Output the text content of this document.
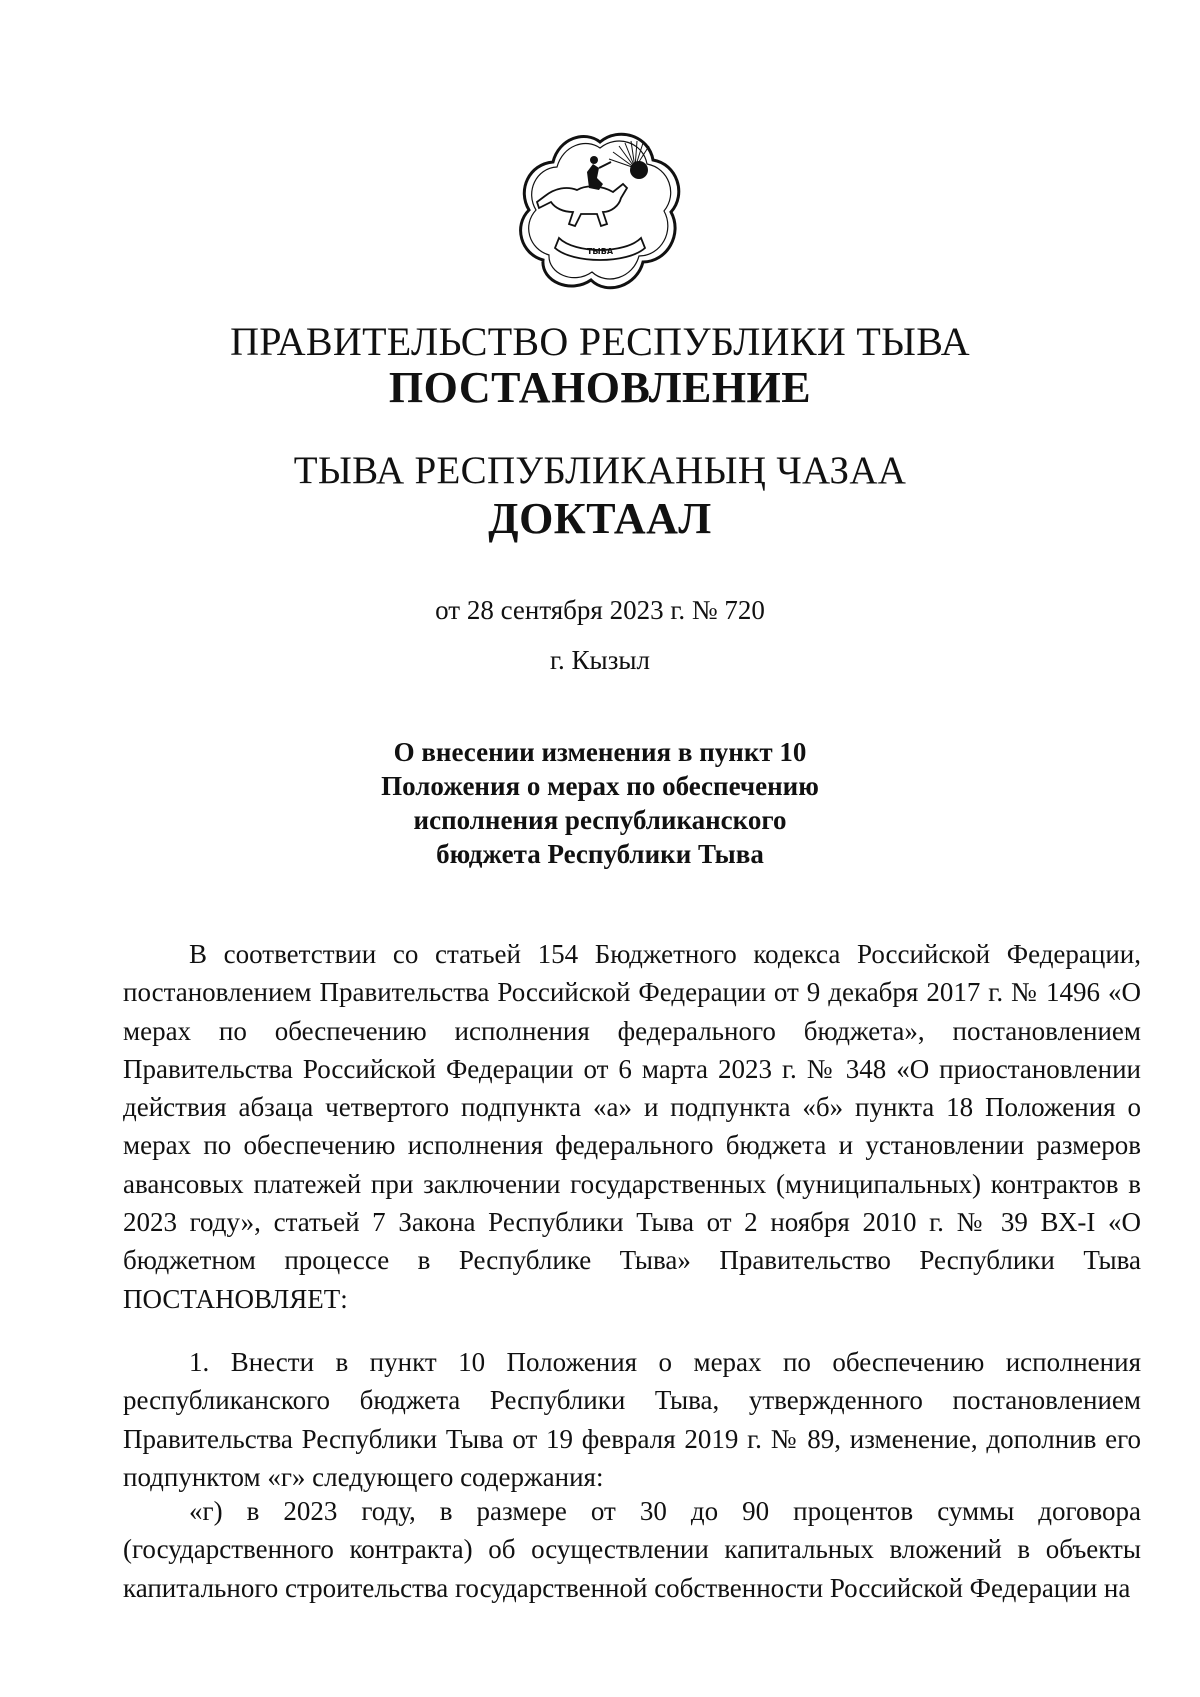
ТЫВА
ПРАВИТЕЛЬСТВО РЕСПУБЛИКИ ТЫВА
ПОСТАНОВЛЕНИЕ
ТЫВА РЕСПУБЛИКАНЫҢ ЧАЗАА
ДОКТААЛ
от 28 сентября 2023 г. № 720
г. Кызыл
О внесении изменения в пункт 10
Положения о мерах по обеспечению
исполнения республиканского
бюджета Республики Тыва
В соответствии со статьей 154 Бюджетного кодекса Российской Федерации, постановлением Правительства Российской Федерации от 9 декабря 2017 г. № 1496 «О мерах по обеспечению исполнения федерального бюджета», постановлением Правительства Российской Федерации от 6 марта 2023 г. № 348 «О приостановлении действия абзаца четвертого подпункта «а» и подпункта «б» пункта 18 Положения о мерах по обеспечению исполнения федерального бюджета и установлении размеров авансовых платежей при заключении государственных (муниципальных) контрактов в 2023 году», статьей 7 Закона Республики Тыва от 2 ноября 2010 г. № 39 ВХ-I «О бюджетном процессе в Республике Тыва» Правительство Республики Тыва ПОСТАНОВЛЯЕТ:
1. Внести в пункт 10 Положения о мерах по обеспечению исполнения республиканского бюджета Республики Тыва, утвержденного постановлением Правительства Республики Тыва от 19 февраля 2019 г. № 89, изменение, дополнив его подпунктом «г» следующего содержания:
«г) в 2023 году, в размере от 30 до 90 процентов суммы договора (государственного контракта) об осуществлении капитальных вложений в объекты капитального строительства государственной собственности Российской Федерации на
